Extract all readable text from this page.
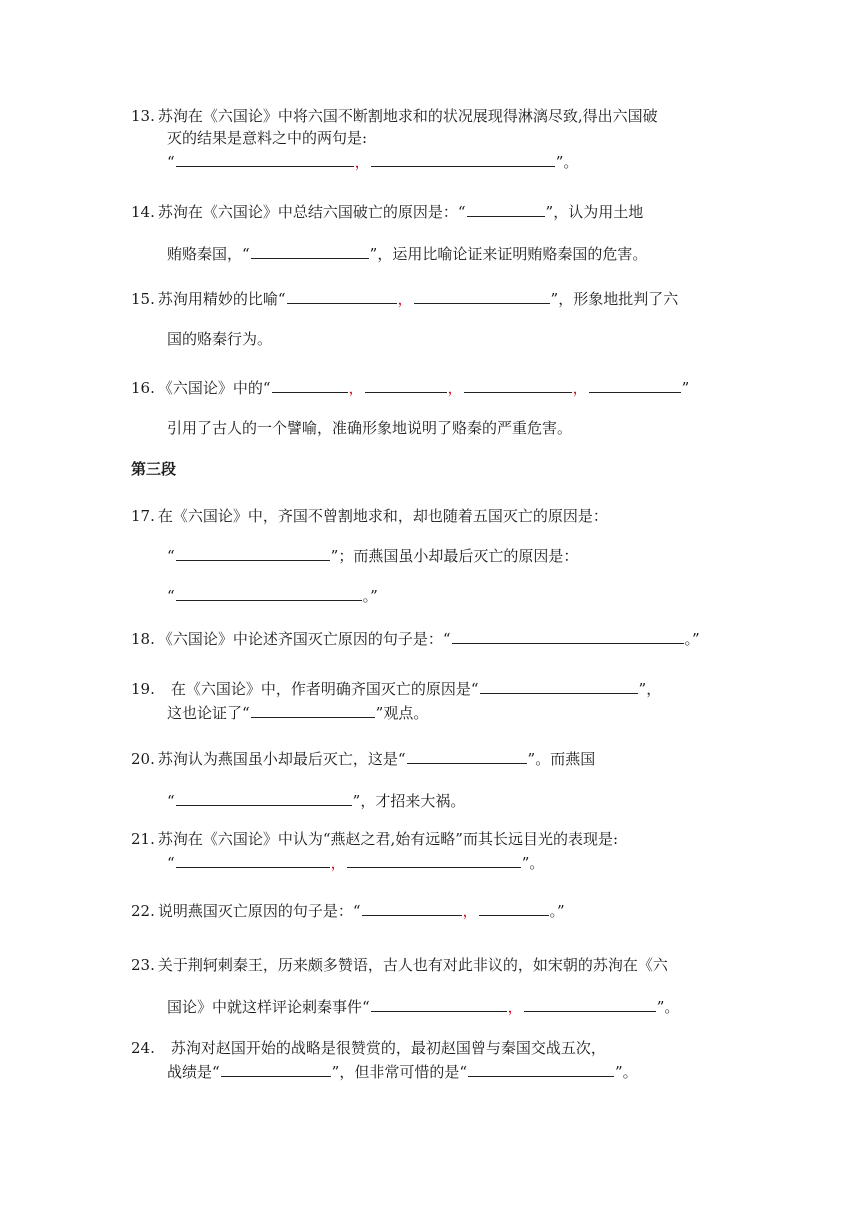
13. 苏洵在《六国论》中将六国不断割地求和的状况展现得淋漓尽致,得出六国破
灭的结果是意料之中的两句是:
“	，	”。
14. 苏洵在《六国论》中总结六国破亡的原因是：“	”，认为用土地
贿赂秦国，“	”，运用比喻论证来证明贿赂秦国的危害。
15. 苏洵用精妙的比喻“	，	”，形象地批判了六
国的赂秦行为。
16. 《六国论》中的“	，	，	，	”
引用了古人的一个譬喻，准确形象地说明了赂秦的严重危害。
第三段
17. 在《六国论》中，齐国不曾割地求和，却也随着五国灭亡的原因是：
“	”；而燕国虽小却最后灭亡的原因是：
“	。”
18. 《六国论》中论述齐国灭亡原因的句子是：“	。”
19. 在《六国论》中，作者明确齐国灭亡的原因是“	”，
这也论证了“	”观点。
20. 苏洵认为燕国虽小却最后灭亡，这是“	”。而燕国
“	”，才招来大祸。
21. 苏洵在《六国论》中认为“燕赵之君,始有远略”而其长远目光的表现是:
“	，	”。
22. 说明燕国灭亡原因的句子是：“	，	。”
23. 关于荆轲刺秦王，历来颇多赞语，古人也有对此非议的，如宋朝的苏洵在《六
国论》中就这样评论刺秦事件“	，	”。
24. 苏洵对赵国开始的战略是很赞赏的，最初赵国曾与秦国交战五次，
战绩是“	”，但非常可惜的是“	”。
